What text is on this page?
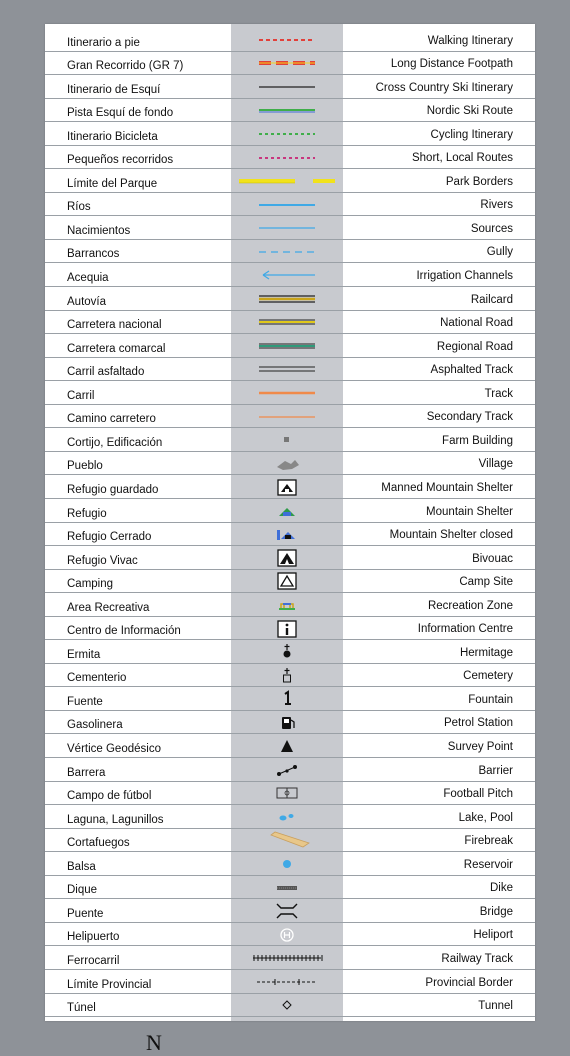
Itinerario a pie	Walking Itinerary
Gran Recorrido (GR 7)	Long Distance Footpath
Itinerario de Esquí	Cross Country Ski Itinerary
Pista Esquí de fondo	Nordic Ski Route
Itinerario Bicicleta	Cycling Itinerary
Pequeños recorridos	Short, Local Routes
Límite del Parque	Park Borders
Ríos	Rivers
Nacimientos	Sources
Barrancos	Gully
Acequia	Irrigation Channels
Autovía	Railcard
Carretera nacional	National Road
Carretera comarcal	Regional Road
Carril asfaltado	Asphalted Track
Carril	Track
Camino carretero	Secondary Track
Cortijo, Edificación	Farm Building
Pueblo	Village
Refugio guardado	Manned Mountain Shelter
Refugio	Mountain Shelter
Refugio Cerrado	Mountain Shelter closed
Refugio Vivac	Bivouac
Camping	Camp Site
Area Recreativa	Recreation Zone
Centro de Información	Information Centre
Ermita	Hermitage
Cementerio	Cemetery
Fuente	Fountain
Gasolinera	Petrol Station
Vértice Geodésico	Survey Point
Barrera	Barrier
Campo de fútbol	Football Pitch
Laguna, Lagunillos	Lake, Pool
Cortafuegos	Firebreak
Balsa	Reservoir
Dique	Dike
Puente	Bridge
Helipuerto	Heliport
Ferrocarril	Railway Track
Límite Provincial	Provincial Border
Túnel	Tunnel
N
